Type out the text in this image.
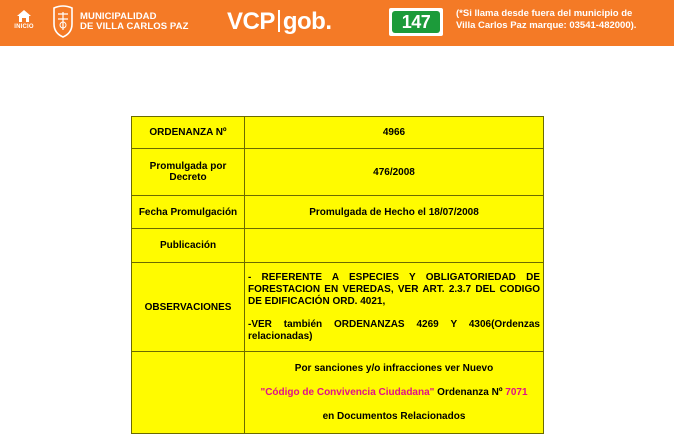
INICIO
MUNICIPALIDAD
DE VILLA CARLOS PAZ VCP gob.	147	(*Si llama desde fuera del municipio de
Villa Carlos Paz marque: 03541-482000).
ORDENANZA Nº	4966
Promulgada por Decreto	476/2008
Fecha Promulgación	Promulgada de Hecho el 18/07/2008
Publicación	
OBSERVACIONES	- REFERENTE A ESPECIES Y OBLIGATORIEDAD DE FORESTACION EN VEREDAS, VER ART. 2.3.7 DEL CODIGO DE EDIFICACIÓN ORD. 4021,

-VER también ORDENANZAS 4269 Y 4306(Ordenzas relacionadas)

	Por sanciones y/o infracciones ver Nuevo

"Código de Convivencia Ciudadana" Ordenanza Nº 7071

en Documentos Relacionados
